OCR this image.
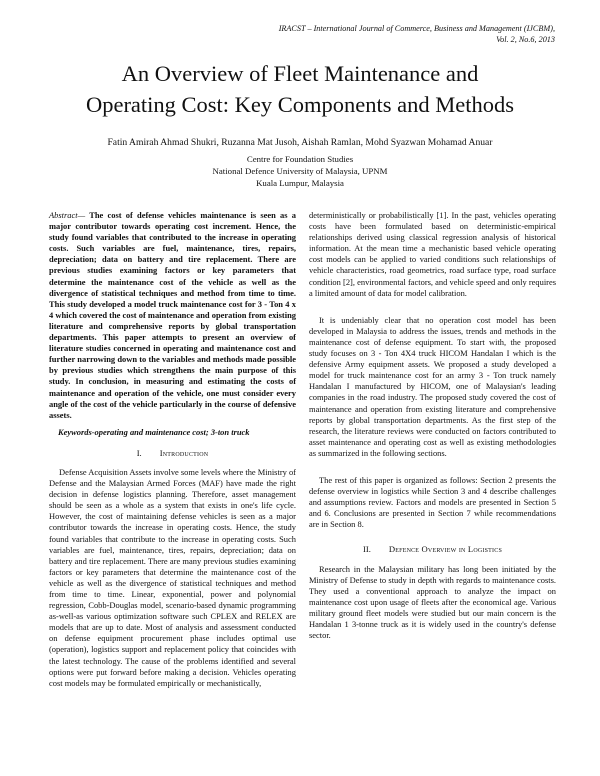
IRACST – International Journal of Commerce, Business and Management (IJCBM),
Vol. 2, No.6, 2013
An Overview of Fleet Maintenance and
Operating Cost: Key Components and Methods
Fatin Amirah Ahmad Shukri, Ruzanna Mat Jusoh, Aishah Ramlan, Mohd Syazwan Mohamad Anuar
Centre for Foundation Studies
National Defence University of Malaysia, UPNM
Kuala Lumpur, Malaysia

Abstract— The cost of defense vehicles maintenance is seen as a major contributor towards operating cost increment. Hence, the study found variables that contributed to the increase in operating costs. Such variables are fuel, maintenance, tires, repairs, depreciation; data on battery and tire replacement. There are previous studies examining factors or key parameters that determine the maintenance cost of the vehicle as well as the divergence of statistical techniques and method from time to time. This study developed a model truck maintenance cost for 3 - Ton 4 x 4 which covered the cost of maintenance and operation from existing literature and comprehensive reports by global transportation departments. This paper attempts to present an overview of literature studies concerned in operating and maintenance cost and further narrowing down to the variables and methods made possible by previous studies which strengthens the main purpose of this study. In conclusion, in measuring and estimating the costs of maintenance and operation of the vehicle, one must consider every angle of the cost of the vehicle particularly in the course of defensive assets.

Keywords-operating and maintenance cost; 3-ton truck

I. Introduction

Defense Acquisition Assets involve some levels where the Ministry of Defense and the Malaysian Armed Forces (MAF) have made the right decision in defense logistics planning. Therefore, asset management should be seen as a whole as a system that exists in one's life cycle. However, the cost of maintaining defense vehicles is seen as a major contributor towards the increase in operating costs. Hence, the study found variables that contribute to the increase in operating costs. Such variables are fuel, maintenance, tires, repairs, depreciation; data on battery and tire replacement. There are many previous studies examining factors or key parameters that determine the maintenance cost of the vehicle as well as the divergence of statistical techniques and method from time to time. Linear, exponential, power and polynomial regression, Cobb-Douglas model, scenario-based dynamic programming as-well-as various optimization software such CPLEX and RELEX are models that are up to date. Most of analysis and assessment conducted on defense equipment procurement phase includes optimal use (operation), logistics support and replacement policy that coincides with the latest technology. The cause of the problems identified and several options were put forward before making a decision. Vehicles operating cost models may be formulated empirically or mechanistically,

deterministically or probabilistically [1]. In the past, vehicles operating costs have been formulated based on deterministic-empirical relationships derived using classical regression analysis of historical information. At the mean time a mechanistic based vehicle operating cost models can be applied to varied conditions such relationships of vehicle characteristics, road geometrics, road surface type, road surface condition [2], environmental factors, and vehicle speed and only requires a limited amount of data for model calibration.

It is undeniably clear that no operation cost model has been developed in Malaysia to address the issues, trends and methods in the maintenance cost of defense equipment. To start with, the proposed study focuses on 3 - Ton 4X4 truck HICOM Handalan I which is the defensive Army equipment assets. We proposed a study developed a model for truck maintenance cost for an army 3 - Ton truck namely Handalan I manufactured by HICOM, one of Malaysian's leading companies in the road industry. The proposed study covered the cost of maintenance and operation from existing literature and comprehensive reports by global transportation departments. As the first step of the research, the literature reviews were conducted on factors contributed to asset maintenance and operating cost as well as existing methodologies as summarized in the following sections.

The rest of this paper is organized as follows: Section 2 presents the defense overview in logistics while Section 3 and 4 describe challenges and assumptions review. Factors and models are presented in Section 5 and 6. Conclusions are presented in Section 7 while recommendations are in Section 8.

II. Defence Overview in Logistics

Research in the Malaysian military has long been initiated by the Ministry of Defense to study in depth with regards to maintenance costs. They used a conventional approach to analyze the impact on maintenance cost upon usage of fleets after the economical age. Various military ground fleet models were studied but our main concern is the Handalan 1 3-tonne truck as it is widely used in the country's defense sector.
